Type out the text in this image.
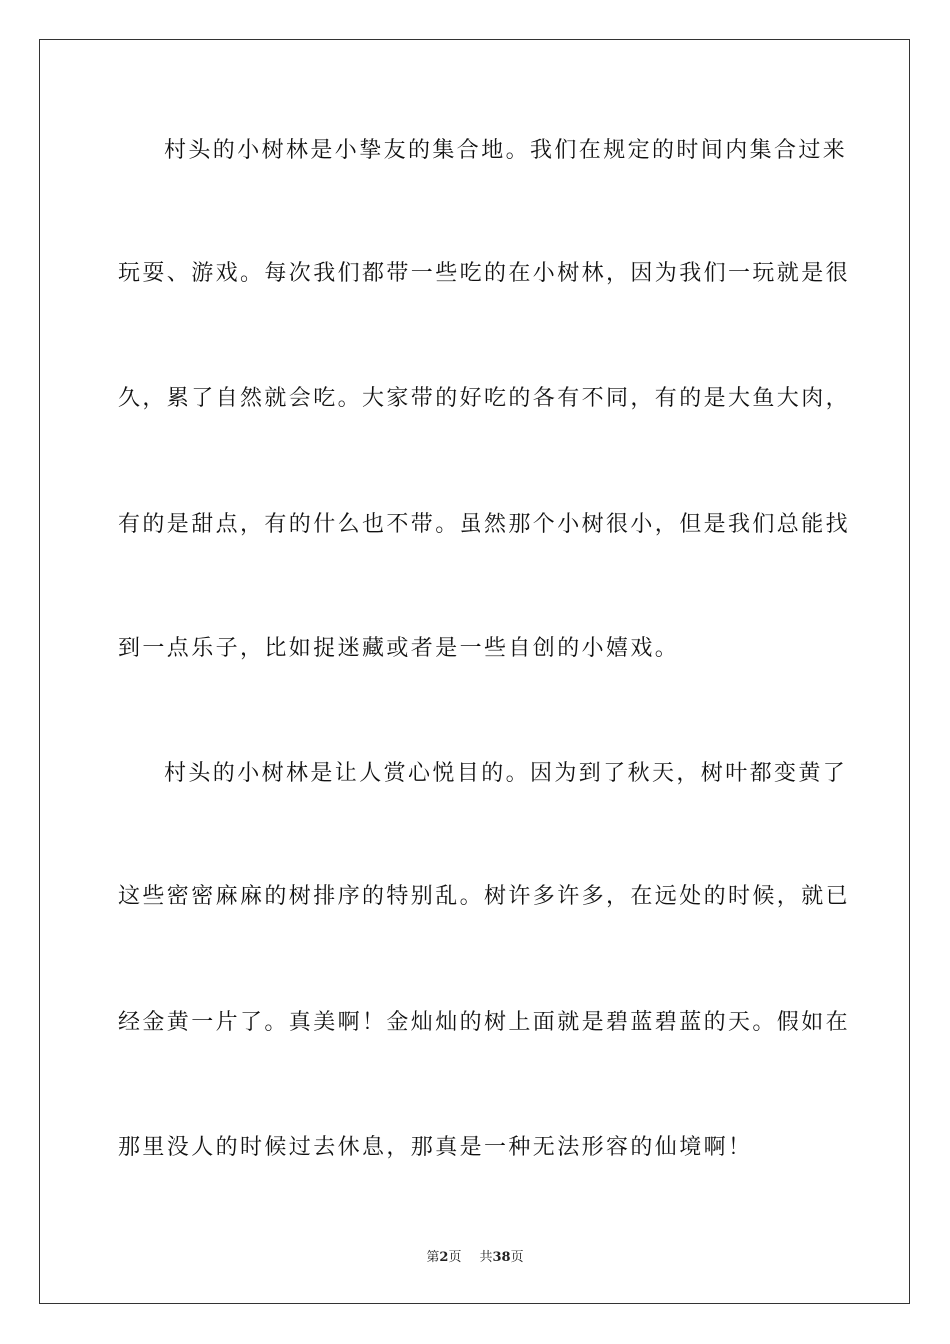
村头的小树林是小挚友的集合地。我们在规定的时间内集合过来
玩耍、游戏。每次我们都带一些吃的在小树林，因为我们一玩就是很
久，累了自然就会吃。大家带的好吃的各有不同，有的是大鱼大肉，
有的是甜点，有的什么也不带。虽然那个小树很小，但是我们总能找
到一点乐子，比如捉迷藏或者是一些自创的小嬉戏。
村头的小树林是让人赏心悦目的。因为到了秋天，树叶都变黄了
这些密密麻麻的树排序的特别乱。树许多许多，在远处的时候，就已
经金黄一片了。真美啊！金灿灿的树上面就是碧蓝碧蓝的天。假如在
那里没人的时候过去休息，那真是一种无法形容的仙境啊！
第2页 共38页
